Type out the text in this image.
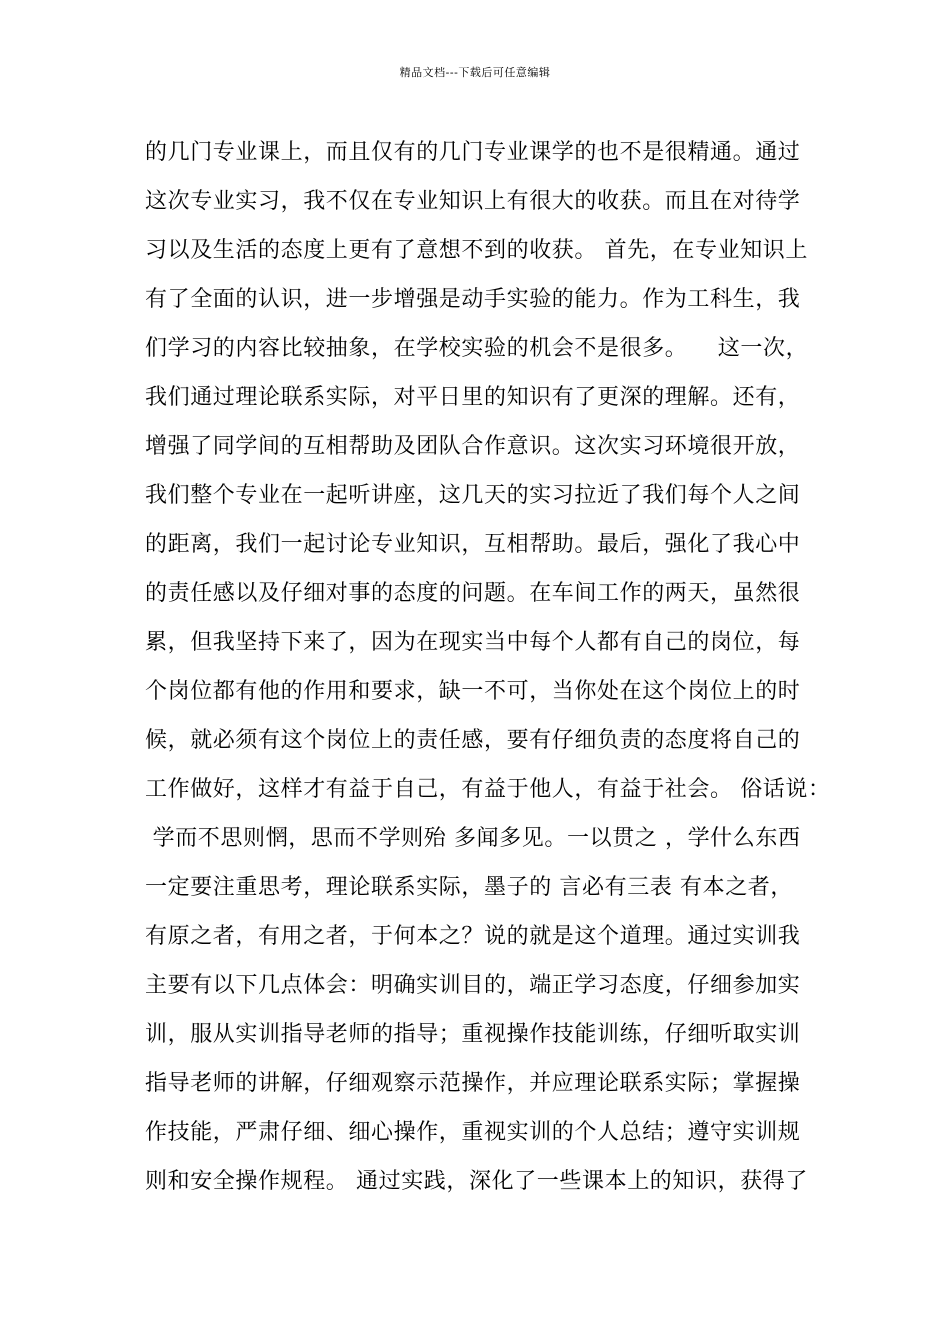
精品文档---下载后可任意编辑
的几门专业课上，而且仅有的几门专业课学的也不是很精通。通过
这次专业实习，我不仅在专业知识上有很大的收获。而且在对待学
习以及生活的态度上更有了意想不到的收获。 首先，在专业知识上
有了全面的认识，进一步增强是动手实验的能力。作为工科生，我
们学习的内容比较抽象，在学校实验的机会不是很多。    这一次，
我们通过理论联系实际，对平日里的知识有了更深的理解。还有，
增强了同学间的互相帮助及团队合作意识。这次实习环境很开放，
我们整个专业在一起听讲座，这几天的实习拉近了我们每个人之间
的距离，我们一起讨论专业知识，互相帮助。最后，强化了我心中
的责任感以及仔细对事的态度的问题。在车间工作的两天，虽然很
累，但我坚持下来了，因为在现实当中每个人都有自己的岗位，每
个岗位都有他的作用和要求，缺一不可，当你处在这个岗位上的时
候，就必须有这个岗位上的责任感，要有仔细负责的态度将自己的
工作做好，这样才有益于自己，有益于他人，有益于社会。 俗话说：
学而不思则惘，思而不学则殆 多闻多见。一以贯之 ，学什么东西
一定要注重思考，理论联系实际，墨子的 言必有三表 有本之者，
有原之者，有用之者，于何本之？说的就是这个道理。通过实训我
主要有以下几点体会：明确实训目的，端正学习态度，仔细参加实
训，服从实训指导老师的指导；重视操作技能训练，仔细听取实训
指导老师的讲解，仔细观察示范操作，并应理论联系实际；掌握操
作技能，严肃仔细、细心操作，重视实训的个人总结；遵守实训规
则和安全操作规程。 通过实践，深化了一些课本上的知识，获得了
